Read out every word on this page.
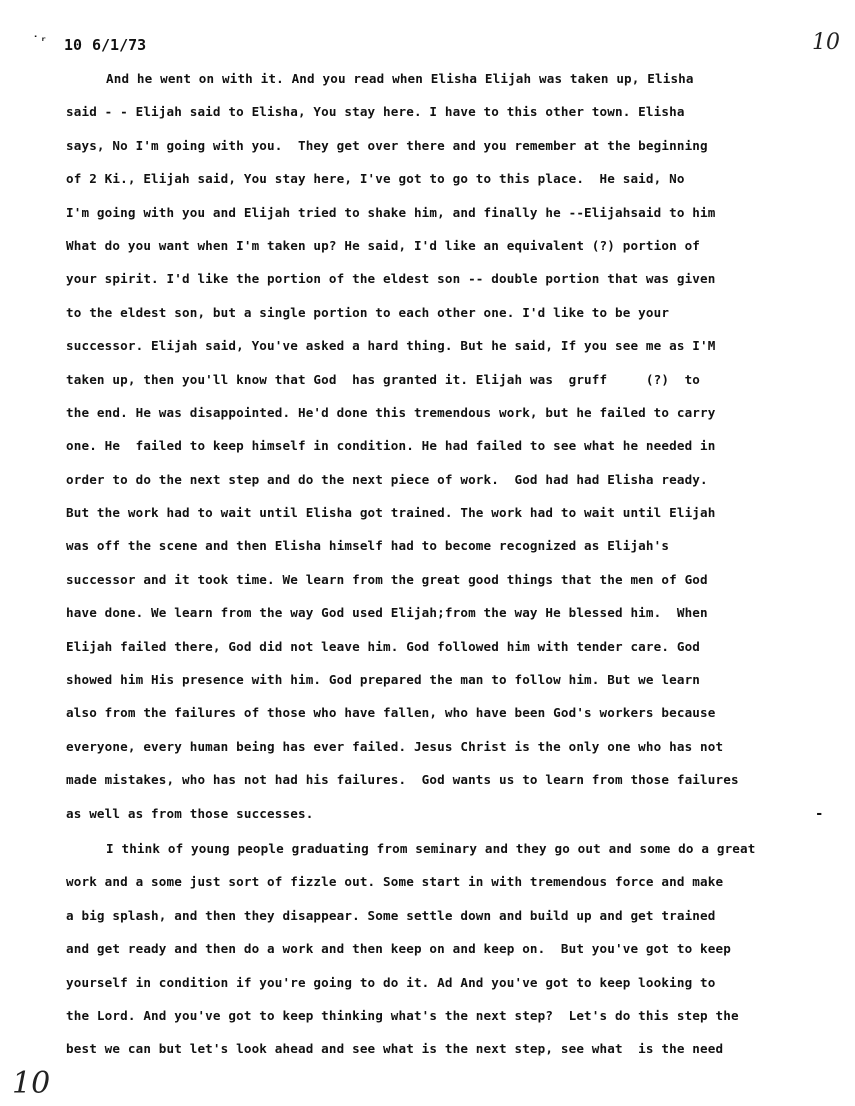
˙ʳ 10 6/1/73	10
-
And he went on with it. And you read when Elisha Elijah was taken up, Elisha
said - - Elijah said to Elisha, You stay here. I have to this other town. Elisha
says, No I'm going with you.  They get over there and you remember at the beginning
of 2 Ki., Elijah said, You stay here, I've got to go to this place.  He said, No
I'm going with you and Elijah tried to shake him, and finally he --Elijahsaid to him
What do you want when I'm taken up? He said, I'd like an equivalent (?) portion of
your spirit. I'd like the portion of the eldest son -- double portion that was given
to the eldest son, but a single portion to each other one. I'd like to be your
successor. Elijah said, You've asked a hard thing. But he said, If you see me as I'M
taken up, then you'll know that God  has granted it. Elijah was  gruff     (?)  to
the end. He was disappointed. He'd done this tremendous work, but he failed to carry
one. He  failed to keep himself in condition. He had failed to see what he needed in
order to do the next step and do the next piece of work.  God had had Elisha ready.
But the work had to wait until Elisha got trained. The work had to wait until Elijah
was off the scene and then Elisha himself had to become recognized as Elijah's
successor and it took time. We learn from the great good things that the men of God
have done. We learn from the way God used Elijah;from the way He blessed him.  When
Elijah failed there, God did not leave him. God followed him with tender care. God
showed him His presence with him. God prepared the man to follow him. But we learn
also from the failures of those who have fallen, who have been God's workers because
everyone, every human being has ever failed. Jesus Christ is the only one who has not
made mistakes, who has not had his failures.  God wants us to learn from those failures
as well as from those successes.
I think of young people graduating from seminary and they go out and some do a great
work and a some just sort of fizzle out. Some start in with tremendous force and make
a big splash, and then they disappear. Some settle down and build up and get trained
and get ready and then do a work and then keep on and keep on.  But you've got to keep
yourself in condition if you're going to do it. Ad And you've got to keep looking to
the Lord. And you've got to keep thinking what's the next step?  Let's do this step the
best we can but let's look ahead and see what is the next step, see what  is the need
10
